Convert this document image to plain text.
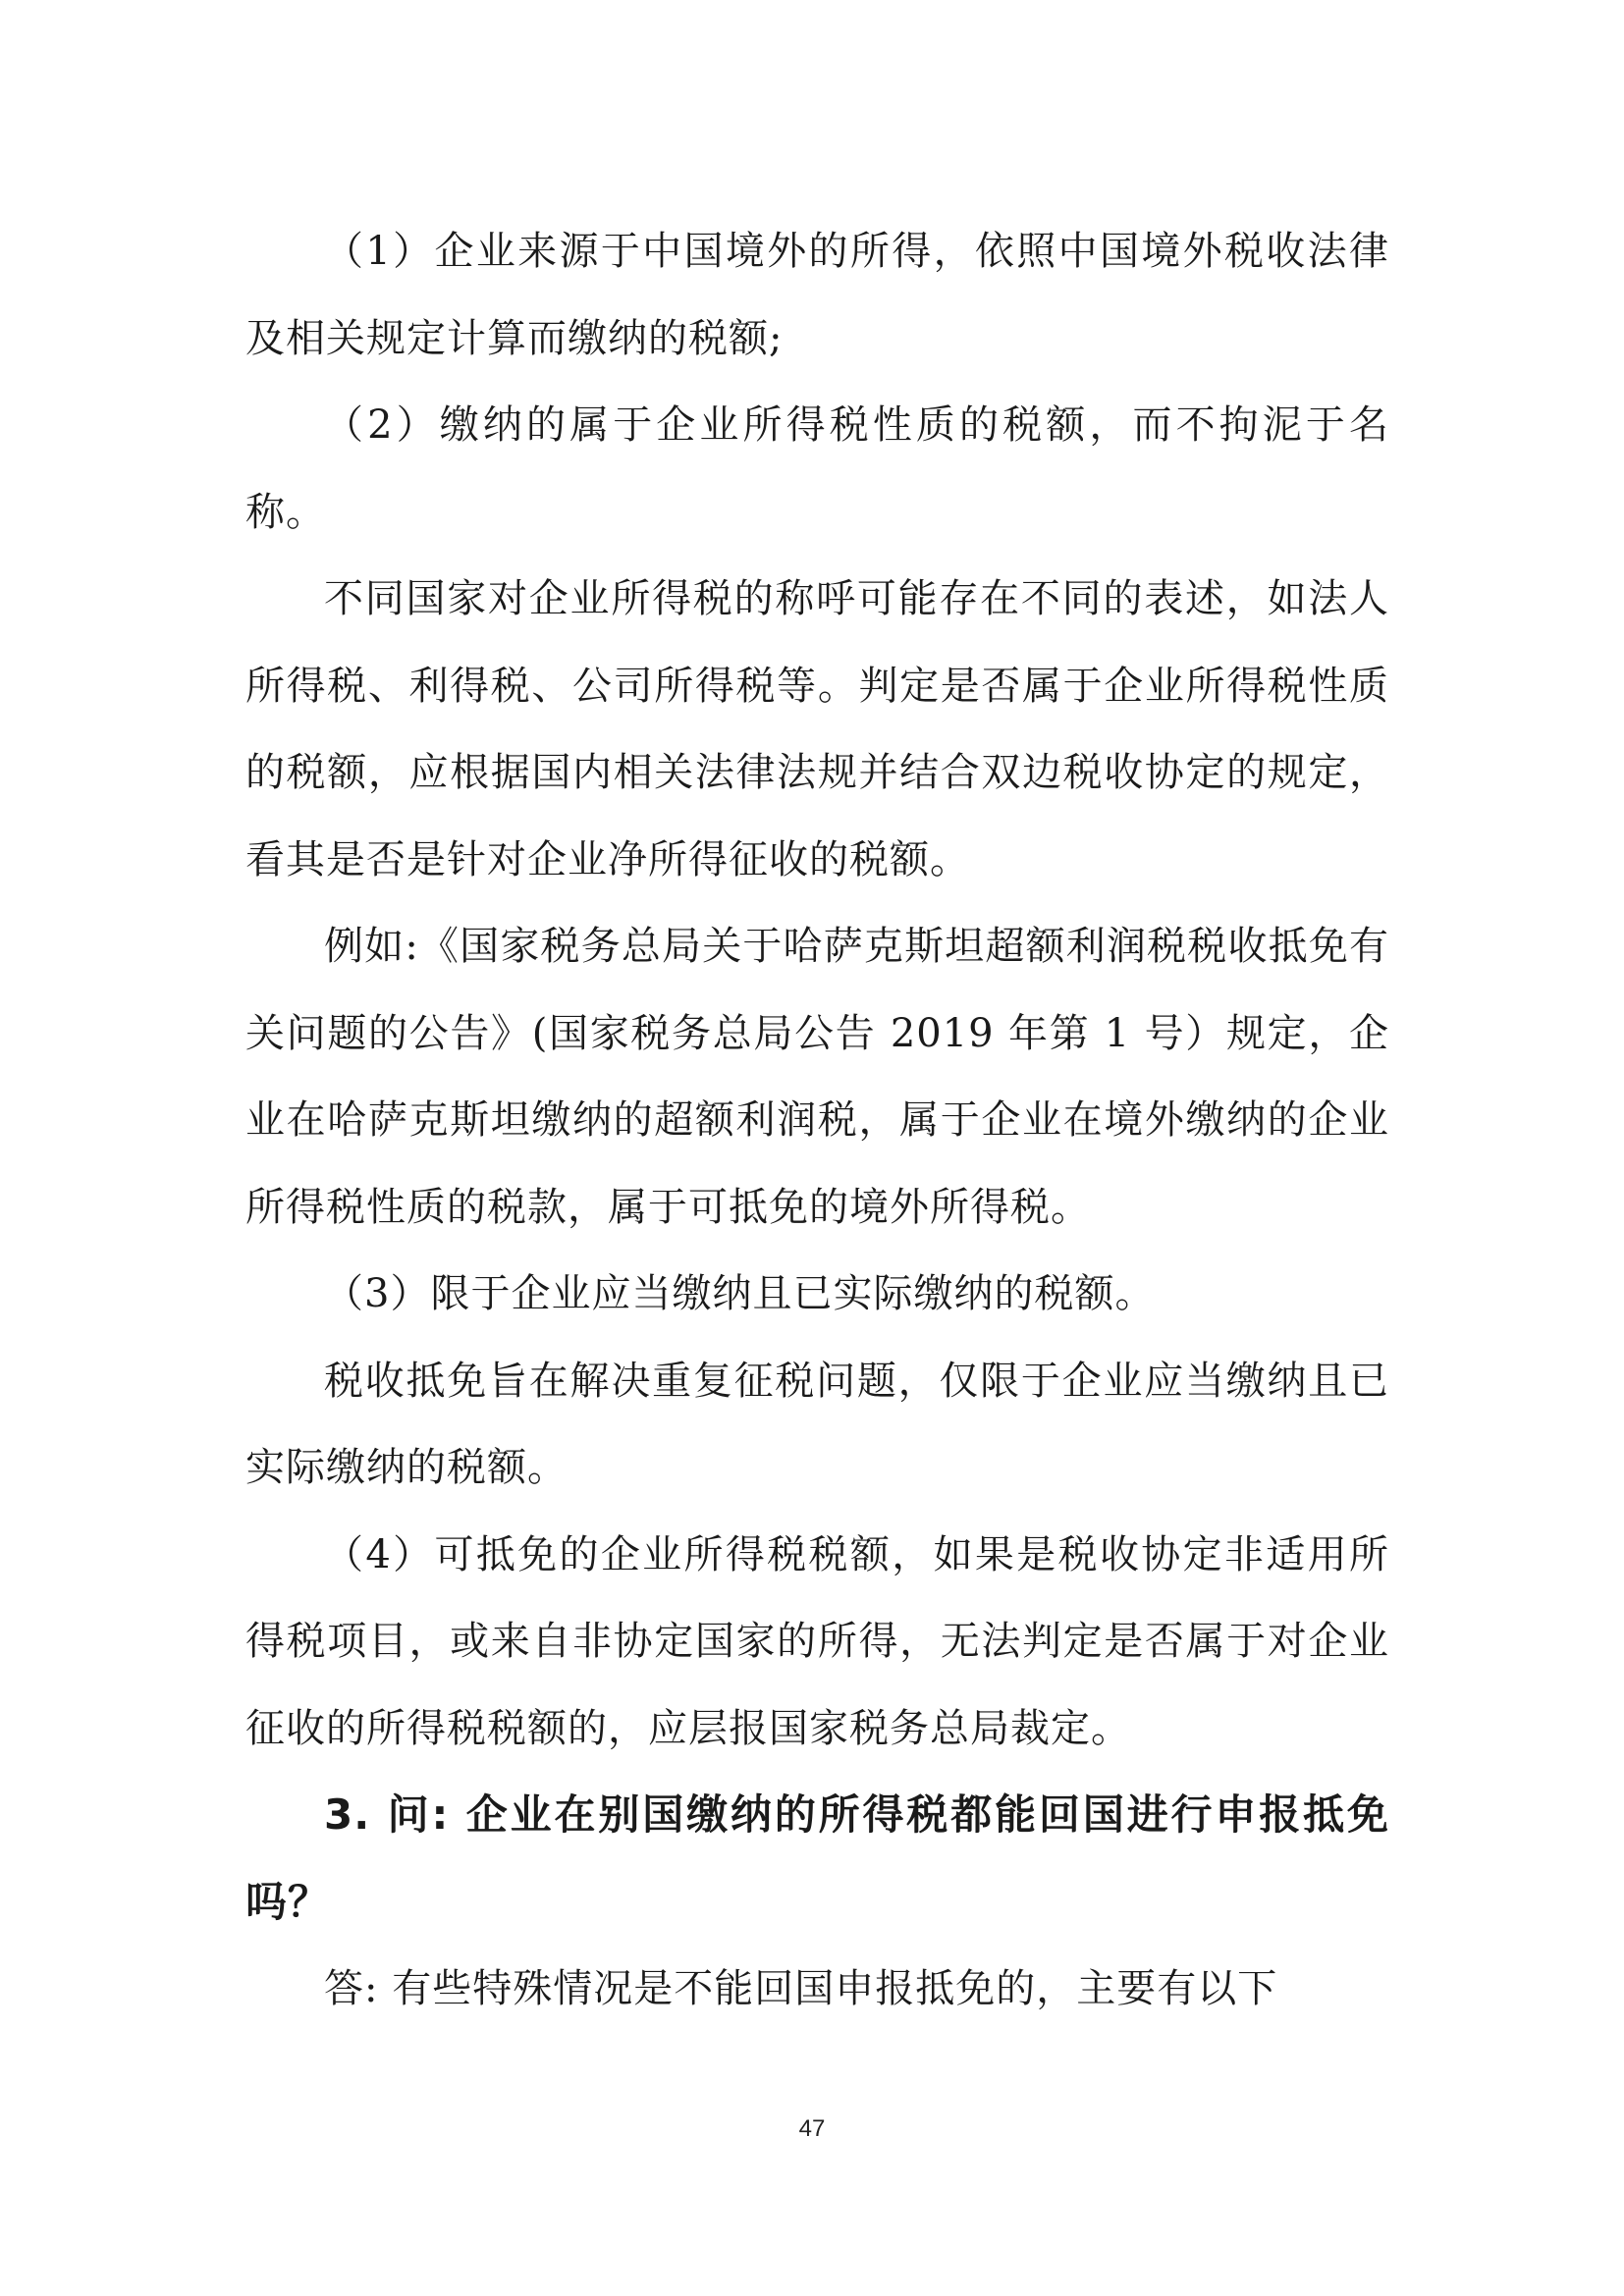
（1）企业来源于中国境外的所得，依照中国境外税收法律及相关规定计算而缴纳的税额;

（2）缴纳的属于企业所得税性质的税额，而不拘泥于名称。

不同国家对企业所得税的称呼可能存在不同的表述，如法人所得税、利得税、公司所得税等。判定是否属于企业所得税性质的税额，应根据国内相关法律法规并结合双边税收协定的规定，看其是否是针对企业净所得征收的税额。

例如:《国家税务总局关于哈萨克斯坦超额利润税税收抵免有关问题的公告》(国家税务总局公告 2019 年第 1 号）规定，企业在哈萨克斯坦缴纳的超额利润税，属于企业在境外缴纳的企业所得税性质的税款，属于可抵免的境外所得税。

（3）限于企业应当缴纳且已实际缴纳的税额。

税收抵免旨在解决重复征税问题，仅限于企业应当缴纳且已实际缴纳的税额。

（4）可抵免的企业所得税税额，如果是税收协定非适用所得税项目，或来自非协定国家的所得，无法判定是否属于对企业征收的所得税税额的，应层报国家税务总局裁定。

3. 问: 企业在别国缴纳的所得税都能回国进行申报抵免吗？

答: 有些特殊情况是不能回国申报抵免的，主要有以下

47
